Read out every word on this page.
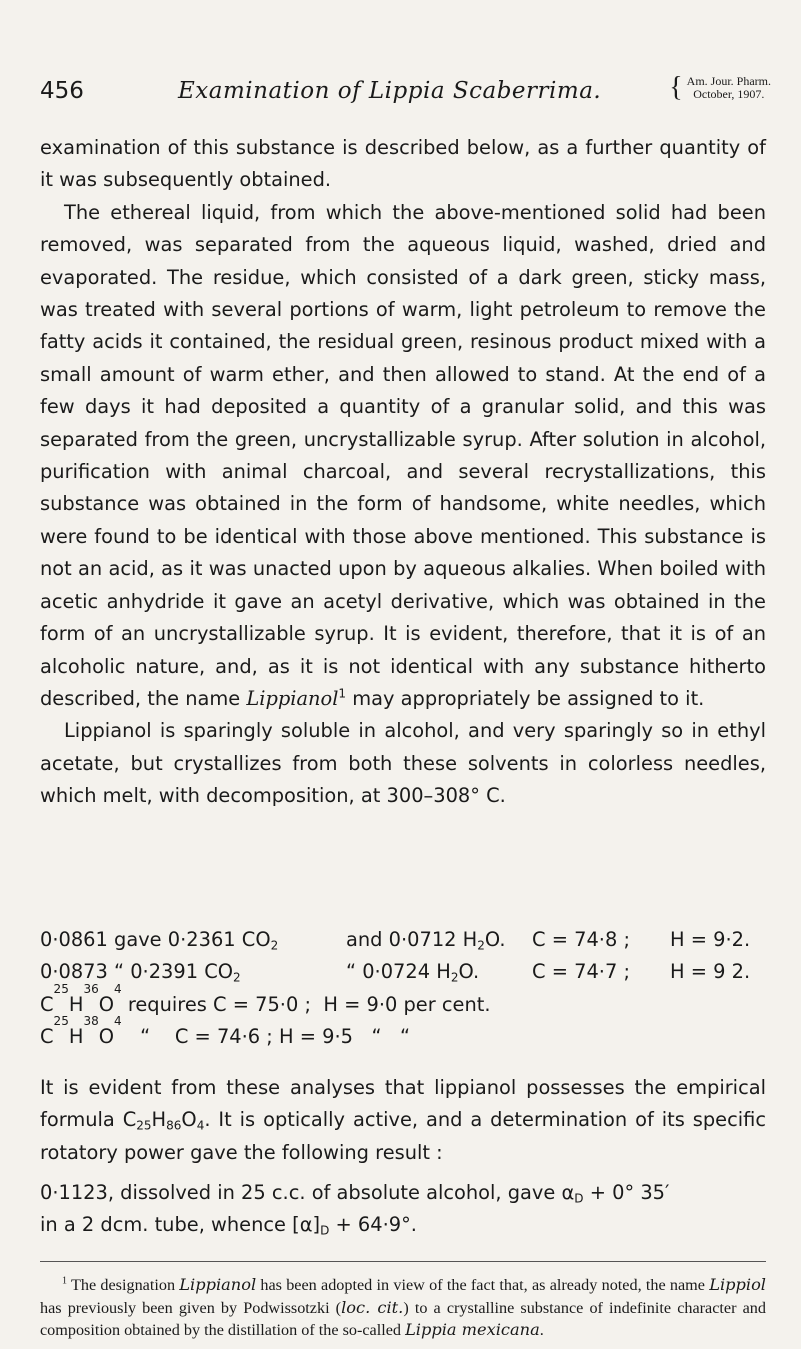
456	Examination of Lippia Scaberrima. { Am. Jour. Pharm.
October, 1907.

examination of this substance is described below, as a further quantity of it was subsequently obtained.

The ethereal liquid, from which the above-mentioned solid had been removed, was separated from the aqueous liquid, washed, dried and evaporated. The residue, which consisted of a dark green, sticky mass, was treated with several portions of warm, light petroleum to remove the fatty acids it contained, the residual green, resinous product mixed with a small amount of warm ether, and then allowed to stand. At the end of a few days it had deposited a quantity of a granular solid, and this was separated from the green, uncrystallizable syrup. After solution in alcohol, purification with animal charcoal, and several recrystallizations, this substance was obtained in the form of handsome, white needles, which were found to be identical with those above mentioned. This substance is not an acid, as it was unacted upon by aqueous alkalies. When boiled with acetic anhydride it gave an acetyl derivative, which was obtained in the form of an uncrystallizable syrup. It is evident, therefore, that it is of an alcoholic nature, and, as it is not identical with any substance hitherto described, the name Lippianol$^1$ may appropriately be assigned to it.

Lippianol is sparingly soluble in alcohol, and very sparingly so in ethyl acetate, but crystallizes from both these solvents in colorless needles, which melt, with decomposition, at 300–308° C.

0·0861 gave 0·2361 $CO_2$	and 0·0712 $H_2O$.	C = 74·8 ;	H = 9·2.
0·0873 “ 0·2391 $CO_2$	“ 0·0724 $H_2O$.	C = 74·7 ;	H = 9 2.
C
25
H
36
O
4
requires C = 75·0 ;  H = 9·0 per cent.
C
25
H
38
O
4
“    C = 74·6 ; H = 9·5   “   “
It is evident from these analyses that lippianol possesses the empirical formula $C_{25}H_{86}O_4$. It is optically active, and a determination of its specific rotatory power gave the following result :
0·1123, dissolved in 25 c.c. of absolute alcohol, gave $\alpha_D + 0^\circ$ 35′
in a 2 dcm. tube, whence $[\alpha]_D + 64\cdot 9^\circ$.
$^1$ The designation Lippianol has been adopted in view of the fact that, as already noted, the name Lippiol has previously been given by Podwissotzki (loc. cit.) to a crystalline substance of indefinite character and composition obtained by the distillation of the so-called Lippia mexicana.
